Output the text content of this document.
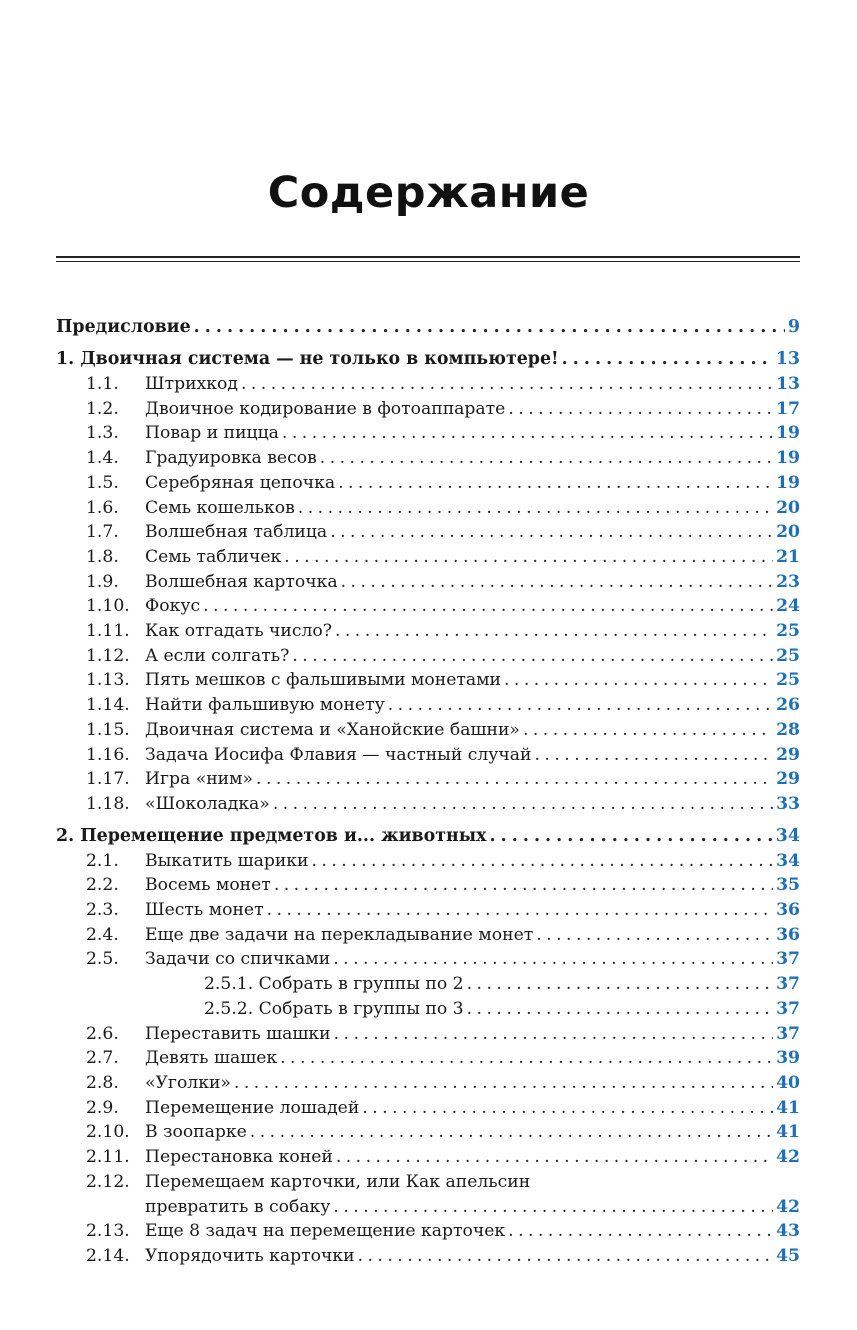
Содержание
Предисловие . . .	9
1. Двоичная система — не только в компьютере! . . .	13
1.1.	Штрихкод . . .	13
1.2.	Двоичное кодирование в фотоаппарате . . .	17
1.3.	Повар и пицца . . .	19
1.4.	Градуировка весов . . .	19
1.5.	Серебряная цепочка . . .	19
1.6.	Семь кошельков . . .	20
1.7.	Волшебная таблица . . .	20
1.8.	Семь табличек . . .	21
1.9.	Волшебная карточка . . .	23
1.10. Фокус . . .	24
1.11. Как отгадать число? . . .	25
1.12. А если солгать? . . .	25
1.13. Пять мешков с фальшивыми монетами . . .	25
1.14. Найти фальшивую монету . . .	26
1.15. Двоичная система и «Ханойские башни» . . .	28
1.16. Задача Иосифа Флавия — частный случай . . .	29
1.17. Игра «ним» . . .	29
1.18. «Шоколадка» . . .	33
2. Перемещение предметов и... животных . . .	34
2.1.	Выкатить шарики . . .	34
2.2.	Восемь монет . . .	35
2.3.	Шесть монет . . .	36
2.4.	Еще две задачи на перекладывание монет . . .	36
2.5.	Задачи со спичками . . .	37
2.5.1. Собрать в группы по 2 . . .	37
2.5.2. Собрать в группы по 3 . . .	37
2.6.	Переставить шашки . . .	37
2.7.	Девять шашек . . .	39
2.8.	«Уголки» . . .	40
2.9.	Перемещение лошадей . . .	41
2.10. В зоопарке . . .	41
2.11. Перестановка коней . . .	42
2.12. Перемещаем карточки, или Как апельсин
превратить в собаку . . .	42
2.13. Еще 8 задач на перемещение карточек . . .	43
2.14. Упорядочить карточки . . .	45
